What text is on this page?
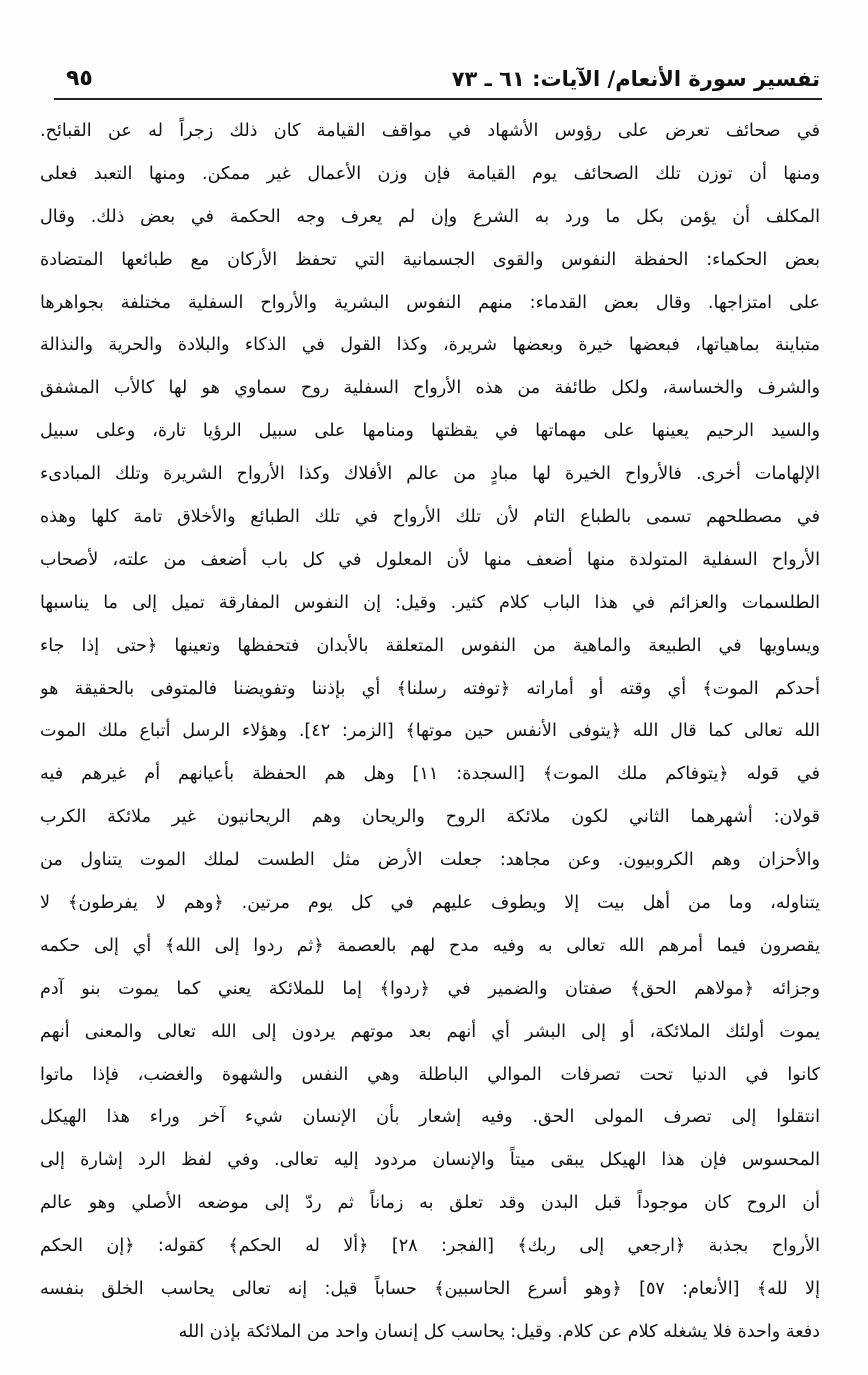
تفسير سورة الأنعام/ الآيات: ٦١ ـ ٧٣
٩٥
في صحائف تعرض على رؤوس الأشهاد في مواقف القيامة كان ذلك زجراً له عن القبائح.
ومنها أن توزن تلك الصحائف يوم القيامة فإن وزن الأعمال غير ممكن. ومنها التعبد فعلى
المكلف أن يؤمن بكل ما ورد به الشرع وإن لم يعرف وجه الحكمة في بعض ذلك. وقال
بعض الحكماء: الحفظة النفوس والقوى الجسمانية التي تحفظ الأركان مع طبائعها المتضادة
على امتزاجها. وقال بعض القدماء: منهم النفوس البشرية والأرواح السفلية مختلفة بجواهرها
متباينة بماهياتها، فبعضها خيرة وبعضها شريرة، وكذا القول في الذكاء والبلادة والحرية والنذالة
والشرف والخساسة، ولكل طائفة من هذه الأرواح السفلية روح سماوي هو لها كالأب المشفق
والسيد الرحيم يعينها على مهماتها في يقظتها ومنامها على سبيل الرؤيا تارة، وعلى سبيل
الإلهامات أخرى. فالأرواح الخيرة لها مبادٍ من عالم الأفلاك وكذا الأرواح الشريرة وتلك المبادىء
في مصطلحهم تسمى بالطباع التام لأن تلك الأرواح في تلك الطبائع والأخلاق تامة كلها وهذه
الأرواح السفلية المتولدة منها أضعف منها لأن المعلول في كل باب أضعف من علته، لأصحاب
الطلسمات والعزائم في هذا الباب كلام كثير. وقيل: إن النفوس المفارقة تميل إلى ما يناسبها
ويساويها في الطبيعة والماهية من النفوس المتعلقة بالأبدان فتحفظها وتعينها ﴿حتى إذا جاء
أحدكم الموت﴾ أي وقته أو أماراته ﴿توفته رسلنا﴾ أي بإذننا وتفويضنا فالمتوفى بالحقيقة هو
الله تعالى كما قال الله ﴿يتوفى الأنفس حين موتها﴾ [الزمر: ٤٢]. وهؤلاء الرسل أتباع ملك الموت
في قوله ﴿يتوفاكم ملك الموت﴾ [السجدة: ١١] وهل هم الحفظة بأعيانهم أم غيرهم فيه
قولان: أشهرهما الثاني لكون ملائكة الروح والريحان وهم الريحانيون غير ملائكة الكرب
والأحزان وهم الكروبيون. وعن مجاهد: جعلت الأرض مثل الطست لملك الموت يتناول من
يتناوله، وما من أهل بيت إلا ويطوف عليهم في كل يوم مرتين. ﴿وهم لا يفرطون﴾ لا
يقصرون فيما أمرهم الله تعالى به وفيه مدح لهم بالعصمة ﴿ثم ردوا إلى الله﴾ أي إلى حكمه
وجزائه ﴿مولاهم الحق﴾ صفتان والضمير في ﴿ردوا﴾ إما للملائكة يعني كما يموت بنو آدم
يموت أولئك الملائكة، أو إلى البشر أي أنهم بعد موتهم يردون إلى الله تعالى والمعنى أنهم
كانوا في الدنيا تحت تصرفات الموالي الباطلة وهي النفس والشهوة والغضب، فإذا ماتوا
انتقلوا إلى تصرف المولى الحق. وفيه إشعار بأن الإنسان شيء آخر وراء هذا الهيكل
المحسوس فإن هذا الهيكل يبقى ميتاً والإنسان مردود إليه تعالى. وفي لفظ الرد إشارة إلى
أن الروح كان موجوداً قبل البدن وقد تعلق به زماناً ثم ردّ إلى موضعه الأصلي وهو عالم
الأرواح بجذبة ﴿ارجعي إلى ربك﴾ [الفجر: ٢٨] ﴿ألا له الحكم﴾ كقوله: ﴿إن الحكم
إلا لله﴾ [الأنعام: ٥٧] ﴿وهو أسرع الحاسبين﴾ حساباً قيل: إنه تعالى يحاسب الخلق بنفسه
دفعة واحدة فلا يشغله كلام عن كلام. وقيل: يحاسب كل إنسان واحد من الملائكة بإذن الله
